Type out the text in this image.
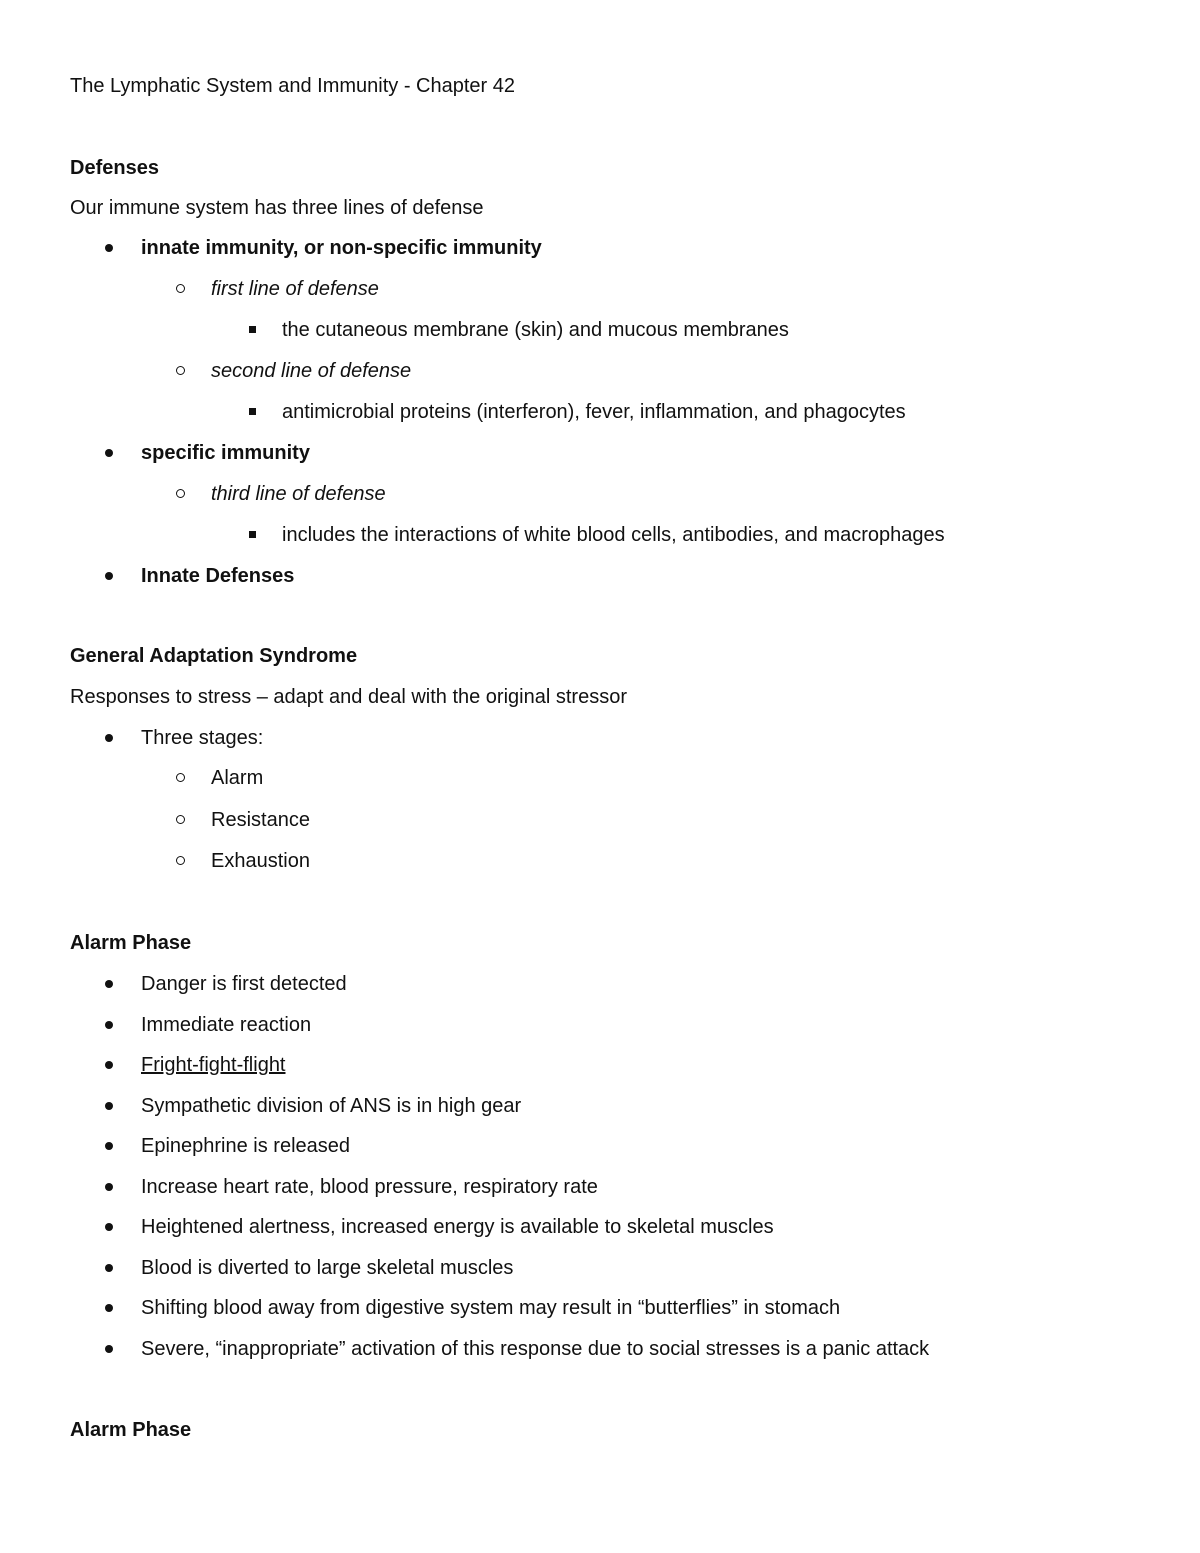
The Lymphatic System and Immunity - Chapter 42
Defenses
Our immune system has three lines of defense
innate immunity, or non-specific immunity
first line of defense
the cutaneous membrane (skin) and mucous membranes
second line of defense
antimicrobial proteins (interferon), fever, inflammation, and phagocytes
specific immunity
third line of defense
includes the interactions of white blood cells, antibodies, and macrophages
Innate Defenses
General Adaptation Syndrome
Responses to stress – adapt and deal with the original stressor
Three stages:
Alarm
Resistance
Exhaustion
Alarm Phase
Danger is first detected
Immediate reaction
Fright-fight-flight
Sympathetic division of ANS is in high gear
Epinephrine is released
Increase heart rate, blood pressure, respiratory rate
Heightened alertness, increased energy is available to skeletal muscles
Blood is diverted to large skeletal muscles
Shifting blood away from digestive system may result in “butterflies” in stomach
Severe, “inappropriate” activation of this response due to social stresses is a panic attack
Alarm Phase
